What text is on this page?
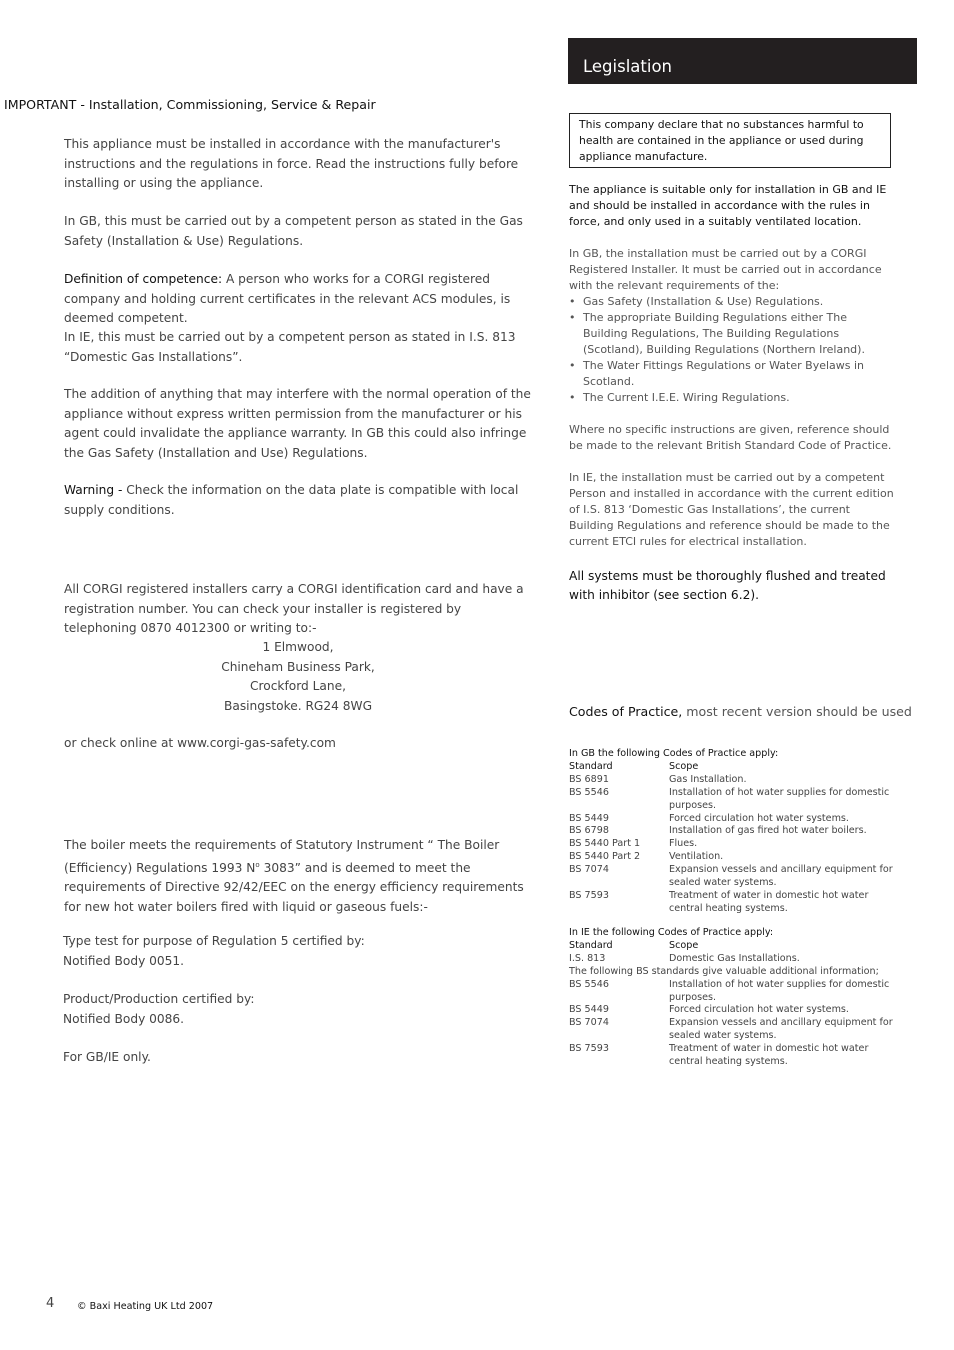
IMPORTANT - Installation, Commissioning, Service & Repair
This appliance must be installed in accordance with the manufacturer's instructions and the regulations in force. Read the instructions fully before installing or using the appliance.
In GB, this must be carried out by a competent person as stated in the Gas Safety (Installation & Use) Regulations.
Definition of competence: A person who works for a CORGI registered company and holding current certificates in the relevant ACS modules, is deemed competent.
In IE, this must be carried out by a competent person as stated in I.S. 813 “Domestic Gas Installations”.
The addition of anything that may interfere with the normal operation of the appliance without express written permission from the manufacturer or his agent could invalidate the appliance warranty. In GB this could also infringe the Gas Safety (Installation and Use) Regulations.
Warning - Check the information on the data plate is compatible with local supply conditions.
All CORGI registered installers carry a CORGI identification card and have a registration number. You can check your installer is registered by telephoning 0870 4012300 or writing to:-
1 Elmwood,
Chineham Business Park,
Crockford Lane,
Basingstoke. RG24 8WG
or check online at www.corgi-gas-safety.com
The boiler meets the requirements of Statutory Instrument “ The Boiler (Efficiency) Regulations 1993 $N^o$ 3083” and is deemed to meet the requirements of Directive 92/42/EEC on the energy efficiency requirements for new hot water boilers fired with liquid or gaseous fuels:-
Type test for purpose of Regulation 5 certified by:
Notified Body 0051.
Product/Production certified by:
Notified Body 0086.
For GB/IE only.
Legislation
This company declare that no substances harmful to health are contained in the appliance or used during appliance manufacture.
The appliance is suitable only for installation in GB and IE and should be installed in accordance with the rules in force, and only used in a suitably ventilated location.
In GB, the installation must be carried out by a CORGI Registered Installer. It must be carried out in accordance with the relevant requirements of the:
• Gas Safety (Installation & Use) Regulations.
• The appropriate Building Regulations either The Building Regulations, The Building Regulations (Scotland), Building Regulations (Northern Ireland).
• The Water Fittings Regulations or Water Byelaws in Scotland.
• The Current I.E.E. Wiring Regulations.
Where no specific instructions are given, reference should be made to the relevant British Standard Code of Practice.
In IE, the installation must be carried out by a competent Person and installed in accordance with the current edition of I.S. 813 ‘Domestic Gas Installations’, the current Building Regulations and reference should be made to the current ETCI rules for electrical installation.
All systems must be thoroughly flushed and treated with inhibitor (see section 6.2).
Codes of Practice, most recent version should be used
In GB the following Codes of Practice apply:
Standard	Scope
BS 6891	Gas Installation.
BS 5546	Installation of hot water supplies for domestic purposes.
BS 5449	Forced circulation hot water systems.
BS 6798	Installation of gas fired hot water boilers.
BS 5440 Part 1	Flues.
BS 5440 Part 2	Ventilation.
BS 7074	Expansion vessels and ancillary equipment for sealed water systems.
BS 7593	Treatment of water in domestic hot water central heating systems.
In IE the following Codes of Practice apply:
Standard	Scope
I.S. 813	Domestic Gas Installations.
The following BS standards give valuable additional information;
BS 5546	Installation of hot water supplies for domestic purposes.
BS 5449	Forced circulation hot water systems.
BS 7074	Expansion vessels and ancillary equipment for sealed water systems.
BS 7593	Treatment of water in domestic hot water central heating systems.
4 © Baxi Heating UK Ltd 2007
